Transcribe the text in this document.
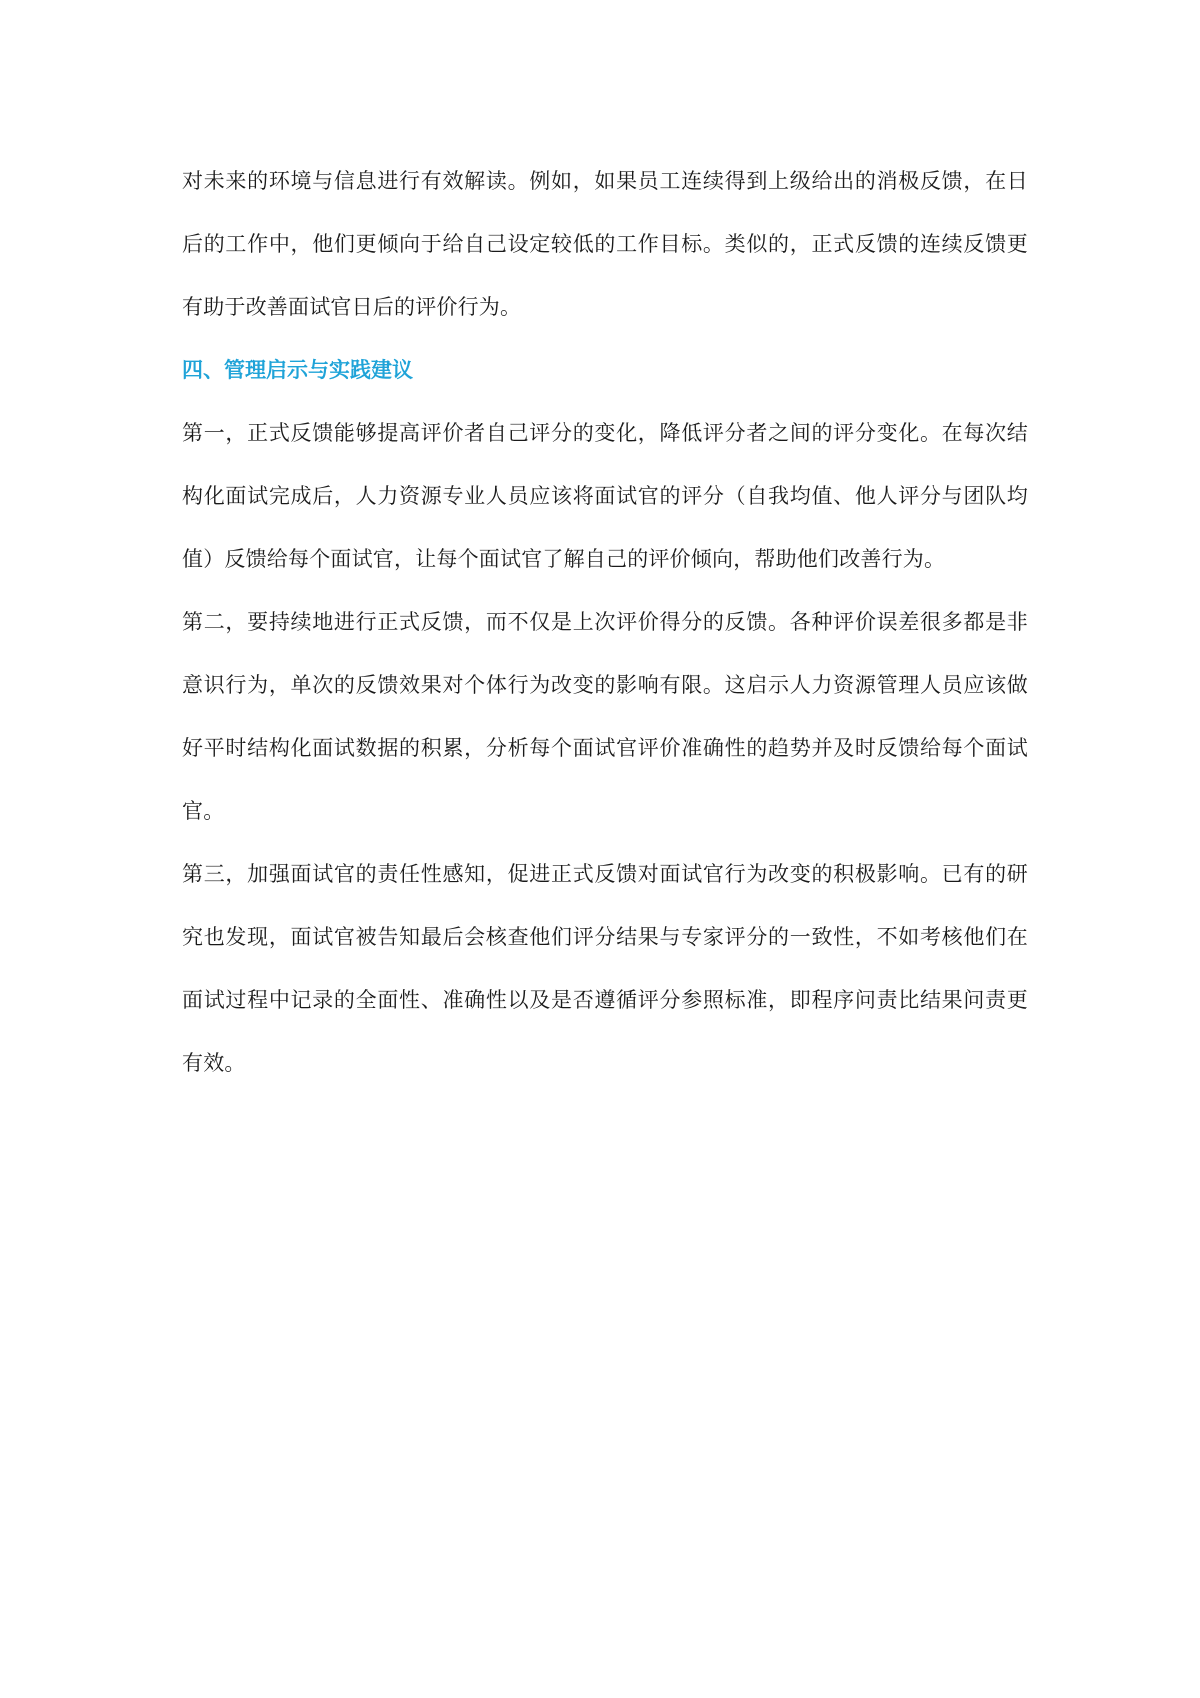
对未来的环境与信息进行有效解读。例如，如果员工连续得到上级给出的消极反馈，在日后的工作中，他们更倾向于给自己设定较低的工作目标。类似的，正式反馈的连续反馈更有助于改善面试官日后的评价行为。

四、管理启示与实践建议

第一，正式反馈能够提高评价者自己评分的变化，降低评分者之间的评分变化。在每次结构化面试完成后，人力资源专业人员应该将面试官的评分（自我均值、他人评分与团队均值）反馈给每个面试官，让每个面试官了解自己的评价倾向，帮助他们改善行为。

第二，要持续地进行正式反馈，而不仅是上次评价得分的反馈。各种评价误差很多都是非意识行为，单次的反馈效果对个体行为改变的影响有限。这启示人力资源管理人员应该做好平时结构化面试数据的积累，分析每个面试官评价准确性的趋势并及时反馈给每个面试官。

第三，加强面试官的责任性感知，促进正式反馈对面试官行为改变的积极影响。已有的研究也发现，面试官被告知最后会核查他们评分结果与专家评分的一致性，不如考核他们在面试过程中记录的全面性、准确性以及是否遵循评分参照标准，即程序问责比结果问责更有效。
